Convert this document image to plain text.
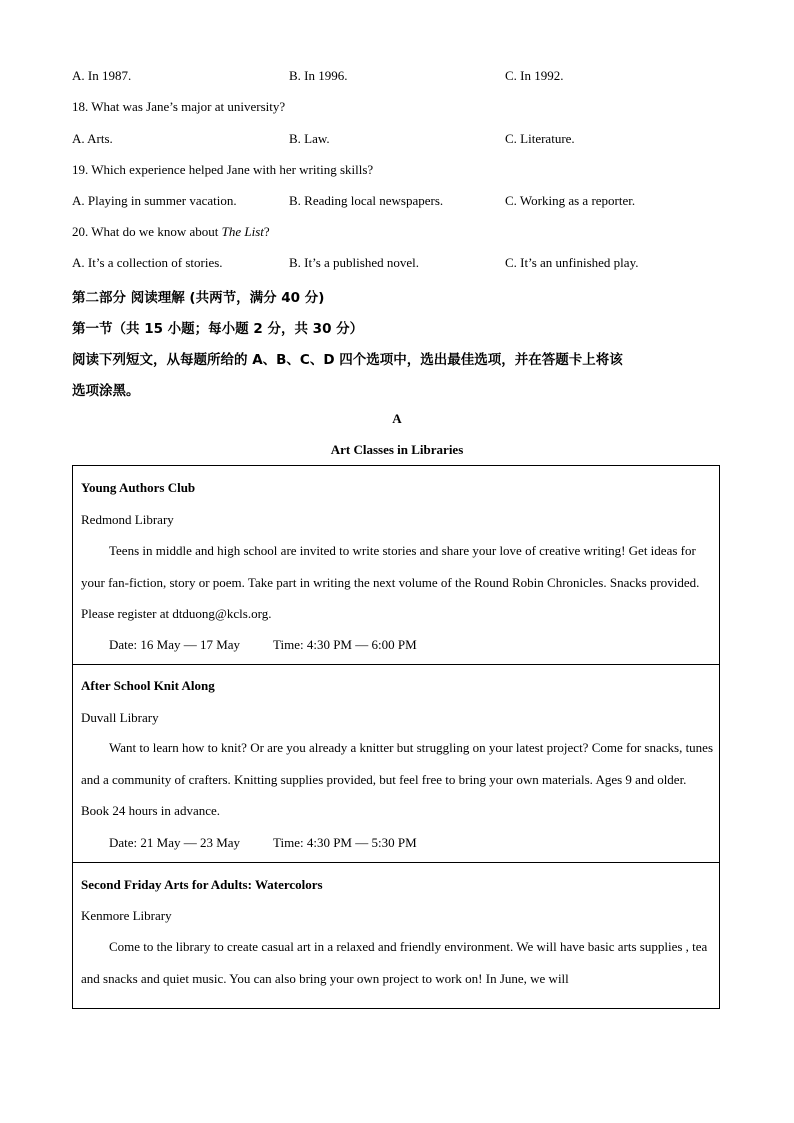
A. In 1987.	B. In 1996.	C. In 1992.
18. What was Jane’s major at university?
A. Arts.	B. Law.	C. Literature.
19. Which experience helped Jane with her writing skills?
A. Playing in summer vacation.	B. Reading local newspapers.	C. Working as a reporter.
20. What do we know about The List?
A. It’s a collection of stories.	B. It’s a published novel.	C. It’s an unfinished play.
第二部分 阅读理解 (共两节，满分 40 分)
第一节（共 15 小题；每小题 2 分，共 30 分）
阅读下列短文，从每题所给的 A、B、C、D 四个选项中，选出最佳选项，并在答题卡上将该
选项涂黑。
A
Art Classes in Libraries
Young Authors Club
Redmond Library
Teens in middle and high school are invited to write stories and share your love of creative writing! Get ideas for your fan-fiction, story or poem. Take part in writing the next volume of the Round Robin Chronicles. Snacks provided. Please register at dtduong@kcls.org.
Date: 16 May — 17 May	Time: 4:30 PM — 6:00 PM
After School Knit Along
Duvall Library
Want to learn how to knit? Or are you already a knitter but struggling on your latest project? Come for snacks, tunes and a community of crafters. Knitting supplies provided, but feel free to bring your own materials. Ages 9 and older. Book 24 hours in advance.
Date: 21 May — 23 May	Time: 4:30 PM — 5:30 PM
Second Friday Arts for Adults: Watercolors
Kenmore Library
Come to the library to create casual art in a relaxed and friendly environment. We will have basic arts supplies , tea and snacks and quiet music. You can also bring your own project to work on! In June, we will
